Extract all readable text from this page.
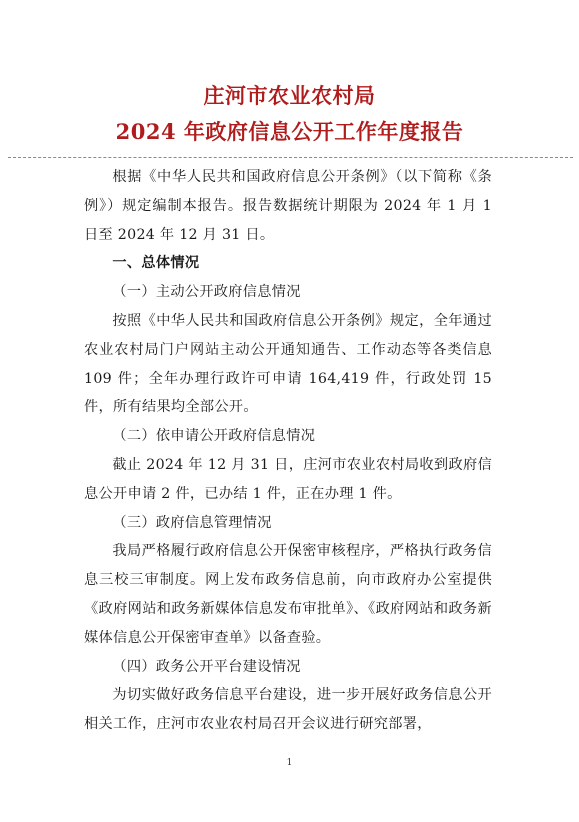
庄河市农业农村局
2024 年政府信息公开工作年度报告

根据《中华人民共和国政府信息公开条例》（以下简称《条例》）规定编制本报告。报告数据统计期限为 2024 年 1 月 1 日至 2024 年 12 月 31 日。

一、总体情况

（一）主动公开政府信息情况

按照《中华人民共和国政府信息公开条例》规定，全年通过农业农村局门户网站主动公开通知通告、工作动态等各类信息 109 件；全年办理行政许可申请 164,419 件，行政处罚 15 件，所有结果均全部公开。

（二）依申请公开政府信息情况

截止 2024 年 12 月 31 日，庄河市农业农村局收到政府信息公开申请 2 件，已办结 1 件，正在办理 1 件。

（三）政府信息管理情况

我局严格履行政府信息公开保密审核程序，严格执行政务信息三校三审制度。网上发布政务信息前，向市政府办公室提供《政府网站和政务新媒体信息发布审批单》、《政府网站和政务新媒体信息公开保密审查单》以备查验。

（四）政务公开平台建设情况

为切实做好政务信息平台建设，进一步开展好政务信息公开相关工作，庄河市农业农村局召开会议进行研究部署，

1
